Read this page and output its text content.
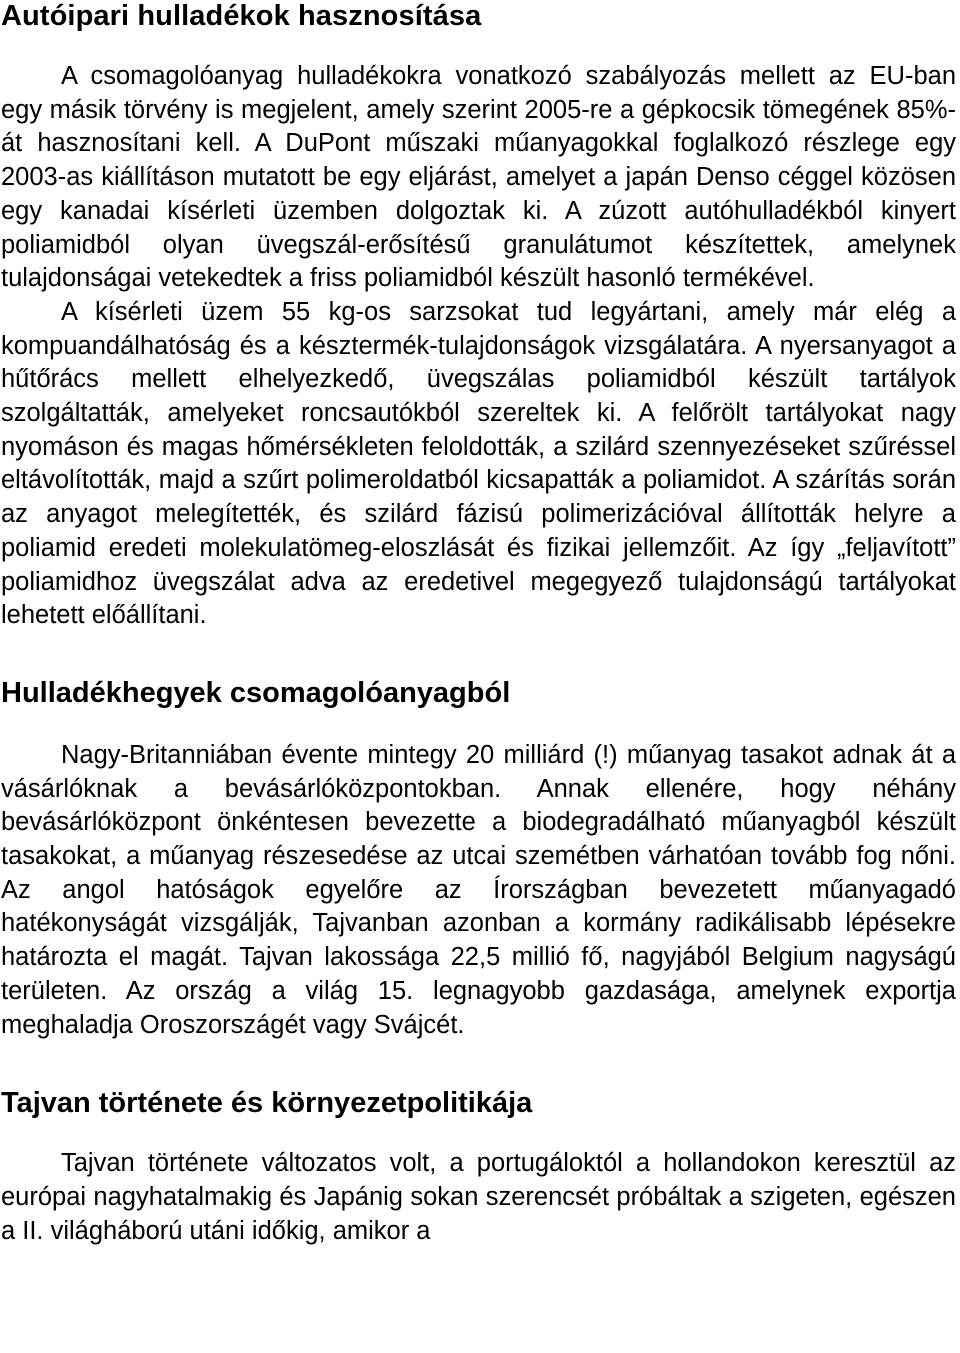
Autóipari hulladékok hasznosítása

A csomagolóanyag hulladékokra vonatkozó szabályozás mellett az EU-ban egy másik törvény is megjelent, amely szerint 2005-re a gépkocsik tömegének 85%-át hasznosítani kell. A DuPont műszaki műanyagokkal foglalkozó részlege egy 2003-as kiállításon mutatott be egy eljárást, amelyet a japán Denso céggel közösen egy kanadai kísérleti üzemben dolgoztak ki. A zúzott autóhulladékból kinyert poliamidból olyan üvegszál-erősítésű granulátumot készítettek, amelynek tulajdonságai vetekedtek a friss poliamidból készült hasonló termékével.

A kísérleti üzem 55 kg-os sarzsokat tud legyártani, amely már elég a kompuandálhatóság és a késztermék-tulajdonságok vizsgálatára. A nyersanyagot a hűtőrács mellett elhelyezkedő, üvegszálas poliamidból készült tartályok szolgáltatták, amelyeket roncsautókból szereltek ki. A felőrölt tartályokat nagy nyomáson és magas hőmérsékleten feloldották, a szilárd szennyezéseket szűréssel eltávolították, majd a szűrt polimeroldatból kicsapatták a poliamidot. A szárítás során az anyagot melegítették, és szilárd fázisú polimerizációval állították helyre a poliamid eredeti molekulatömeg-eloszlását és fizikai jellemzőit. Az így „feljavított” poliamidhoz üvegszálat adva az eredetivel megegyező tulajdonságú tartályokat lehetett előállítani.

Hulladékhegyek csomagolóanyagból

Nagy-Britanniában évente mintegy 20 milliárd (!) műanyag tasakot adnak át a vásárlóknak a bevásárlóközpontokban. Annak ellenére, hogy néhány bevásárlóközpont önkéntesen bevezette a biodegradálható műanyagból készült tasakokat, a műanyag részesedése az utcai szemétben várhatóan tovább fog nőni. Az angol hatóságok egyelőre az Írországban bevezetett műanyagadó hatékonyságát vizsgálják, Tajvanban azonban a kormány radikálisabb lépésekre határozta el magát. Tajvan lakossága 22,5 millió fő, nagyjából Belgium nagyságú területen. Az ország a világ 15. legnagyobb gazdasága, amelynek exportja meghaladja Oroszországét vagy Svájcét.

Tajvan története és környezetpolitikája

Tajvan története változatos volt, a portugáloktól a hollandokon keresztül az európai nagyhatalmakig és Japánig sokan szerencsét próbáltak a szigeten, egészen a II. világháború utáni időkig, amikor a
